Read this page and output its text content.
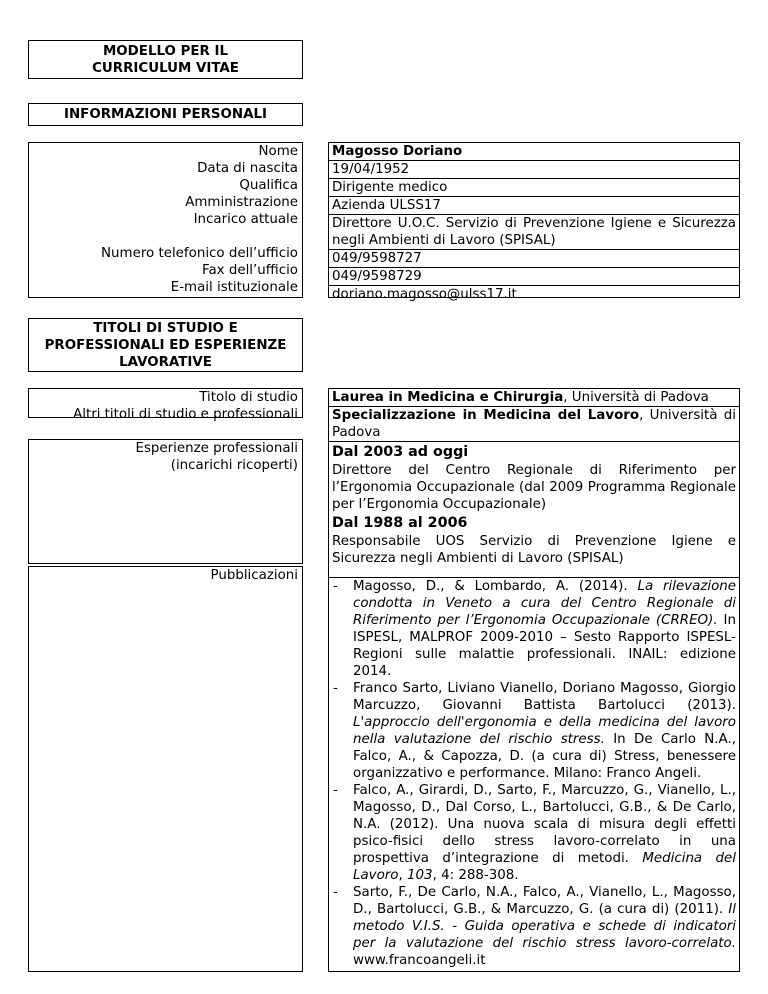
MODELLO PER IL
CURRICULUM VITAE
INFORMAZIONI PERSONALI
Nome
Data di nascita
Qualifica
Amministrazione
Incarico attuale
Numero telefonico dell’ufficio
Fax dell’ufficio
E-mail istituzionale
Magosso Doriano
19/04/1952
Dirigente medico
Azienda ULSS17
Direttore U.O.C. Servizio di Prevenzione Igiene e Sicurezza negli Ambienti di Lavoro (SPISAL)
049/9598727
049/9598729
doriano.magosso@ulss17.it
TITOLI DI STUDIO E
PROFESSIONALI ED ESPERIENZE
LAVORATIVE
Titolo di studio
Altri titoli di studio e professionali
Esperienze professionali (incarichi ricoperti)
Pubblicazioni
Laurea in Medicina e Chirurgia, Università di Padova
Specializzazione in Medicina del Lavoro, Università di Padova
Dal 2003 ad oggi
Direttore del Centro Regionale di Riferimento per l’Ergonomia Occupazionale (dal 2009 Programma Regionale per l’Ergonomia Occupazionale)
Dal 1988 al 2006
Responsabile UOS Servizio di Prevenzione Igiene e Sicurezza negli Ambienti di Lavoro (SPISAL)
- Magosso, D., & Lombardo, A. (2014). La rilevazione condotta in Veneto a cura del Centro Regionale di Riferimento per l’Ergonomia Occupazionale (CRREO). In ISPESL, MALPROF 2009-2010 – Sesto Rapporto ISPESL-Regioni sulle malattie professionali. INAIL: edizione 2014.
- Franco Sarto, Liviano Vianello, Doriano Magosso, Giorgio Marcuzzo, Giovanni Battista Bartolucci (2013). L'approccio dell'ergonomia e della medicina del lavoro nella valutazione del rischio stress. In De Carlo N.A., Falco, A., & Capozza, D. (a cura di) Stress, benessere organizzativo e performance. Milano: Franco Angeli.
- Falco, A., Girardi, D., Sarto, F., Marcuzzo, G., Vianello, L., Magosso, D., Dal Corso, L., Bartolucci, G.B., & De Carlo, N.A. (2012). Una nuova scala di misura degli effetti psico-fisici dello stress lavoro-correlato in una prospettiva d’integrazione di metodi. Medicina del Lavoro, 103, 4: 288-308.
- Sarto, F., De Carlo, N.A., Falco, A., Vianello, L., Magosso, D., Bartolucci, G.B., & Marcuzzo, G. (a cura di) (2011). Il metodo V.I.S. - Guida operativa e schede di indicatori per la valutazione del rischio stress lavoro-correlato. www.francoangeli.it
